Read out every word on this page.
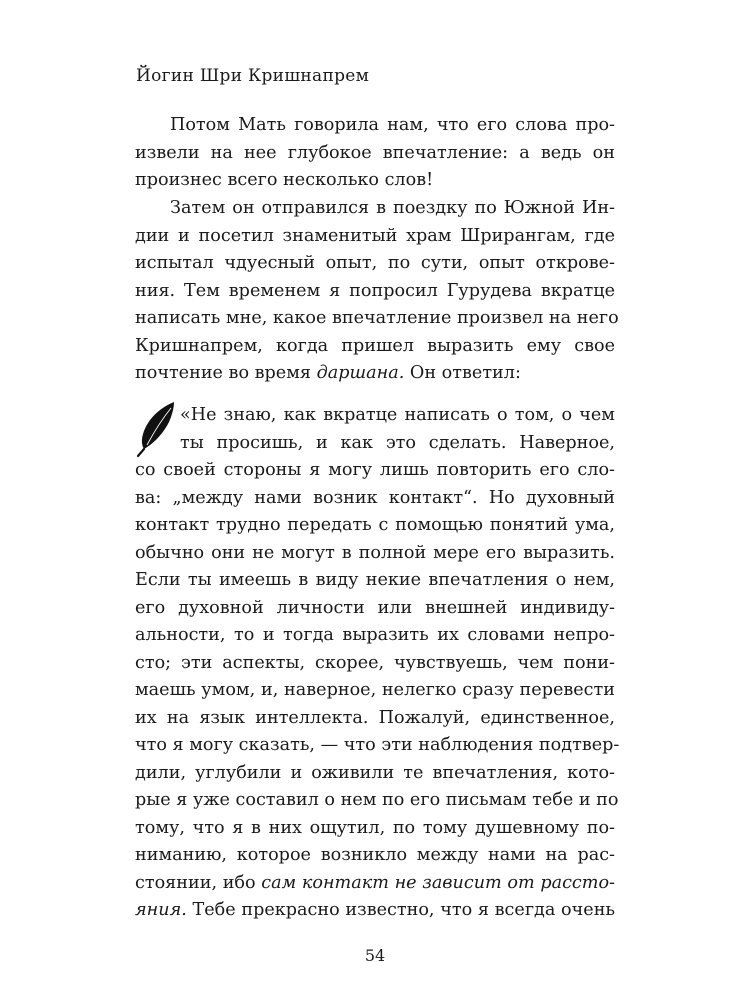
Йогин Шри Кришнапрем
Потом Мать говорила нам, что его слова про-
извели на нее глубокое впечатление: а ведь он
произнес всего несколько слов!
Затем он отправился в поездку по Южной Ин-
дии и посетил знаменитый храм Шрирангам, где
испытал чдуесный опыт, по сути, опыт открове-
ния. Тем временем я попросил Гурудева вкратце
написать мне, какое впечатление произвел на него
Кришнапрем, когда пришел выразить ему свое
почтение во время даршана. Он ответил:
«Не знаю, как вкратце написать о том, о чем
ты просишь, и как это сделать. Наверное,
со своей стороны я могу лишь повторить его сло-
ва: „между нами возник контакт“. Но духовный
контакт трудно передать с помощью понятий ума,
обычно они не могут в полной мере его выразить.
Если ты имеешь в виду некие впечатления о нем,
его духовной личности или внешней индивиду-
альности, то и тогда выразить их словами непро-
сто; эти аспекты, скорее, чувствуешь, чем пони-
маешь умом, и, наверное, нелегко сразу перевести
их на язык интеллекта. Пожалуй, единственное,
что я могу сказать, — что эти наблюдения подтвер-
дили, углубили и оживили те впечатления, кото-
рые я уже составил о нем по его письмам тебе и по
тому, что я в них ощутил, по тому душевному по-
ниманию, которое возникло между нами на рас-
стоянии, ибо сам контакт не зависит от рассто-
яния. Тебе прекрасно известно, что я всегда очень
54
